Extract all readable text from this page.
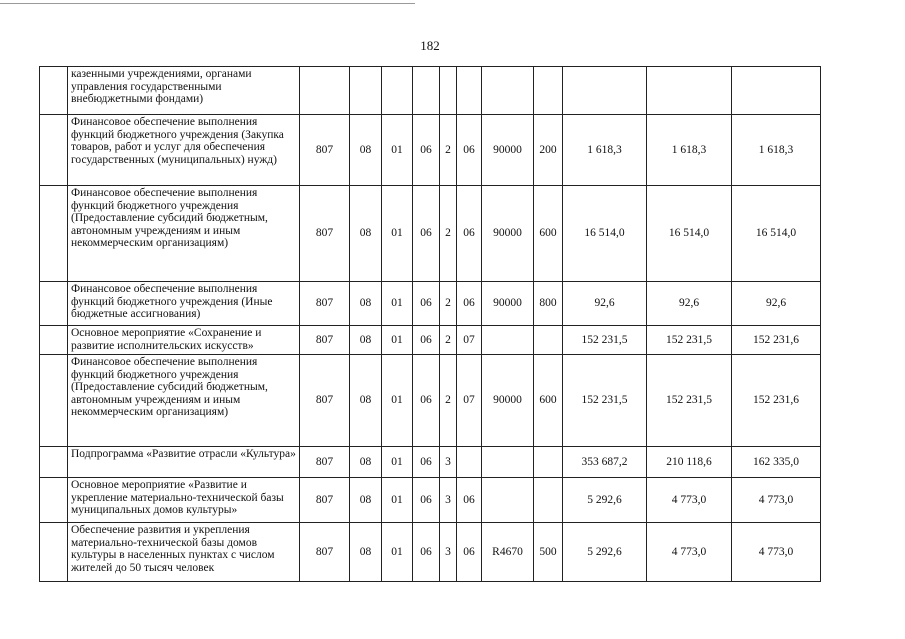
182
	казенными учреждениями, органами управления государственными внебюджетными фондами)											
	Финансовое обеспечение выполнения функций бюджетного учреждения (Закупка товаров, работ и услуг для обеспечения государственных (муниципальных) нужд)	807	08	01	06	2	06	90000	200	1 618,3	1 618,3	1 618,3
	Финансовое обеспечение выполнения функций бюджетного учреждения (Предоставление субсидий бюджетным, автономным учреждениям и иным некоммерческим организациям)	807	08	01	06	2	06	90000	600	16 514,0	16 514,0	16 514,0
	Финансовое обеспечение выполнения функций бюджетного учреждения (Иные бюджетные ассигнования)	807	08	01	06	2	06	90000	800	92,6	92,6	92,6
	Основное мероприятие «Сохранение и развитие исполнительских искусств»	807	08	01	06	2	07			152 231,5	152 231,5	152 231,6
	Финансовое обеспечение выполнения функций бюджетного учреждения (Предоставление субсидий бюджетным, автономным учреждениям и иным некоммерческим организациям)	807	08	01	06	2	07	90000	600	152 231,5	152 231,5	152 231,6
	Подпрограмма «Развитие отрасли «Культура»	807	08	01	06	3				353 687,2	210 118,6	162 335,0
	Основное мероприятие «Развитие и укрепление материально-технической базы муниципальных домов культуры»	807	08	01	06	3	06			5 292,6	4 773,0	4 773,0
	Обеспечение развития и укрепления материально-технической базы домов культуры в населенных пунктах с числом жителей до 50 тысяч человек	807	08	01	06	3	06	R4670	500	5 292,6	4 773,0	4 773,0
